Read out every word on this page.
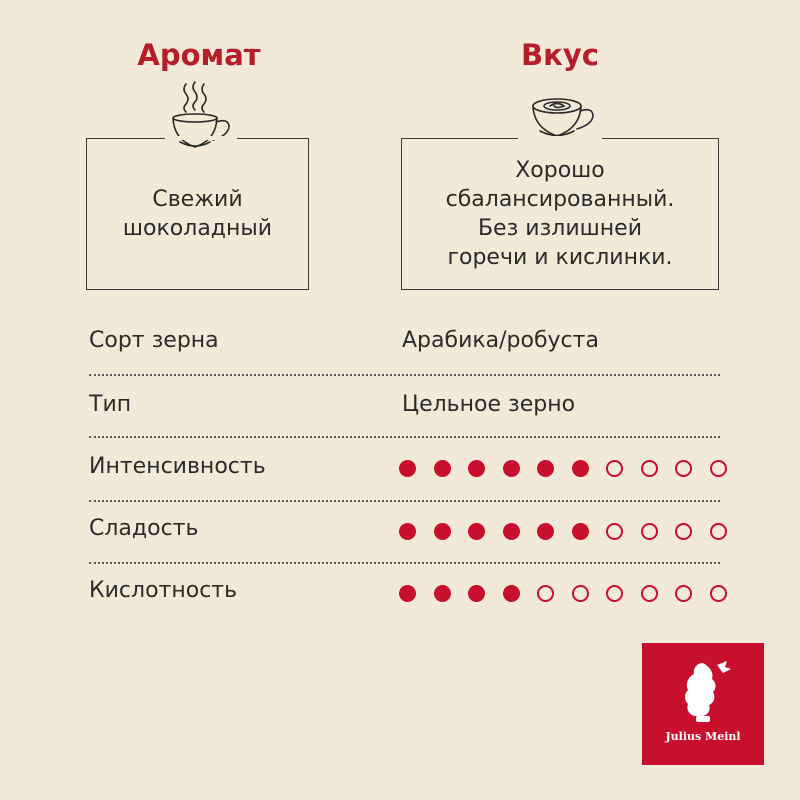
Аромат
Свежий
шоколадный
Вкус
Хорошо
сбалансированный.
Без излишней
горечи и кислинки.
Сорт зерна	Арабика/робуста
Тип	Цельное зерно
Интенсивность
Сладость
Кислотность
Julius Meinl
